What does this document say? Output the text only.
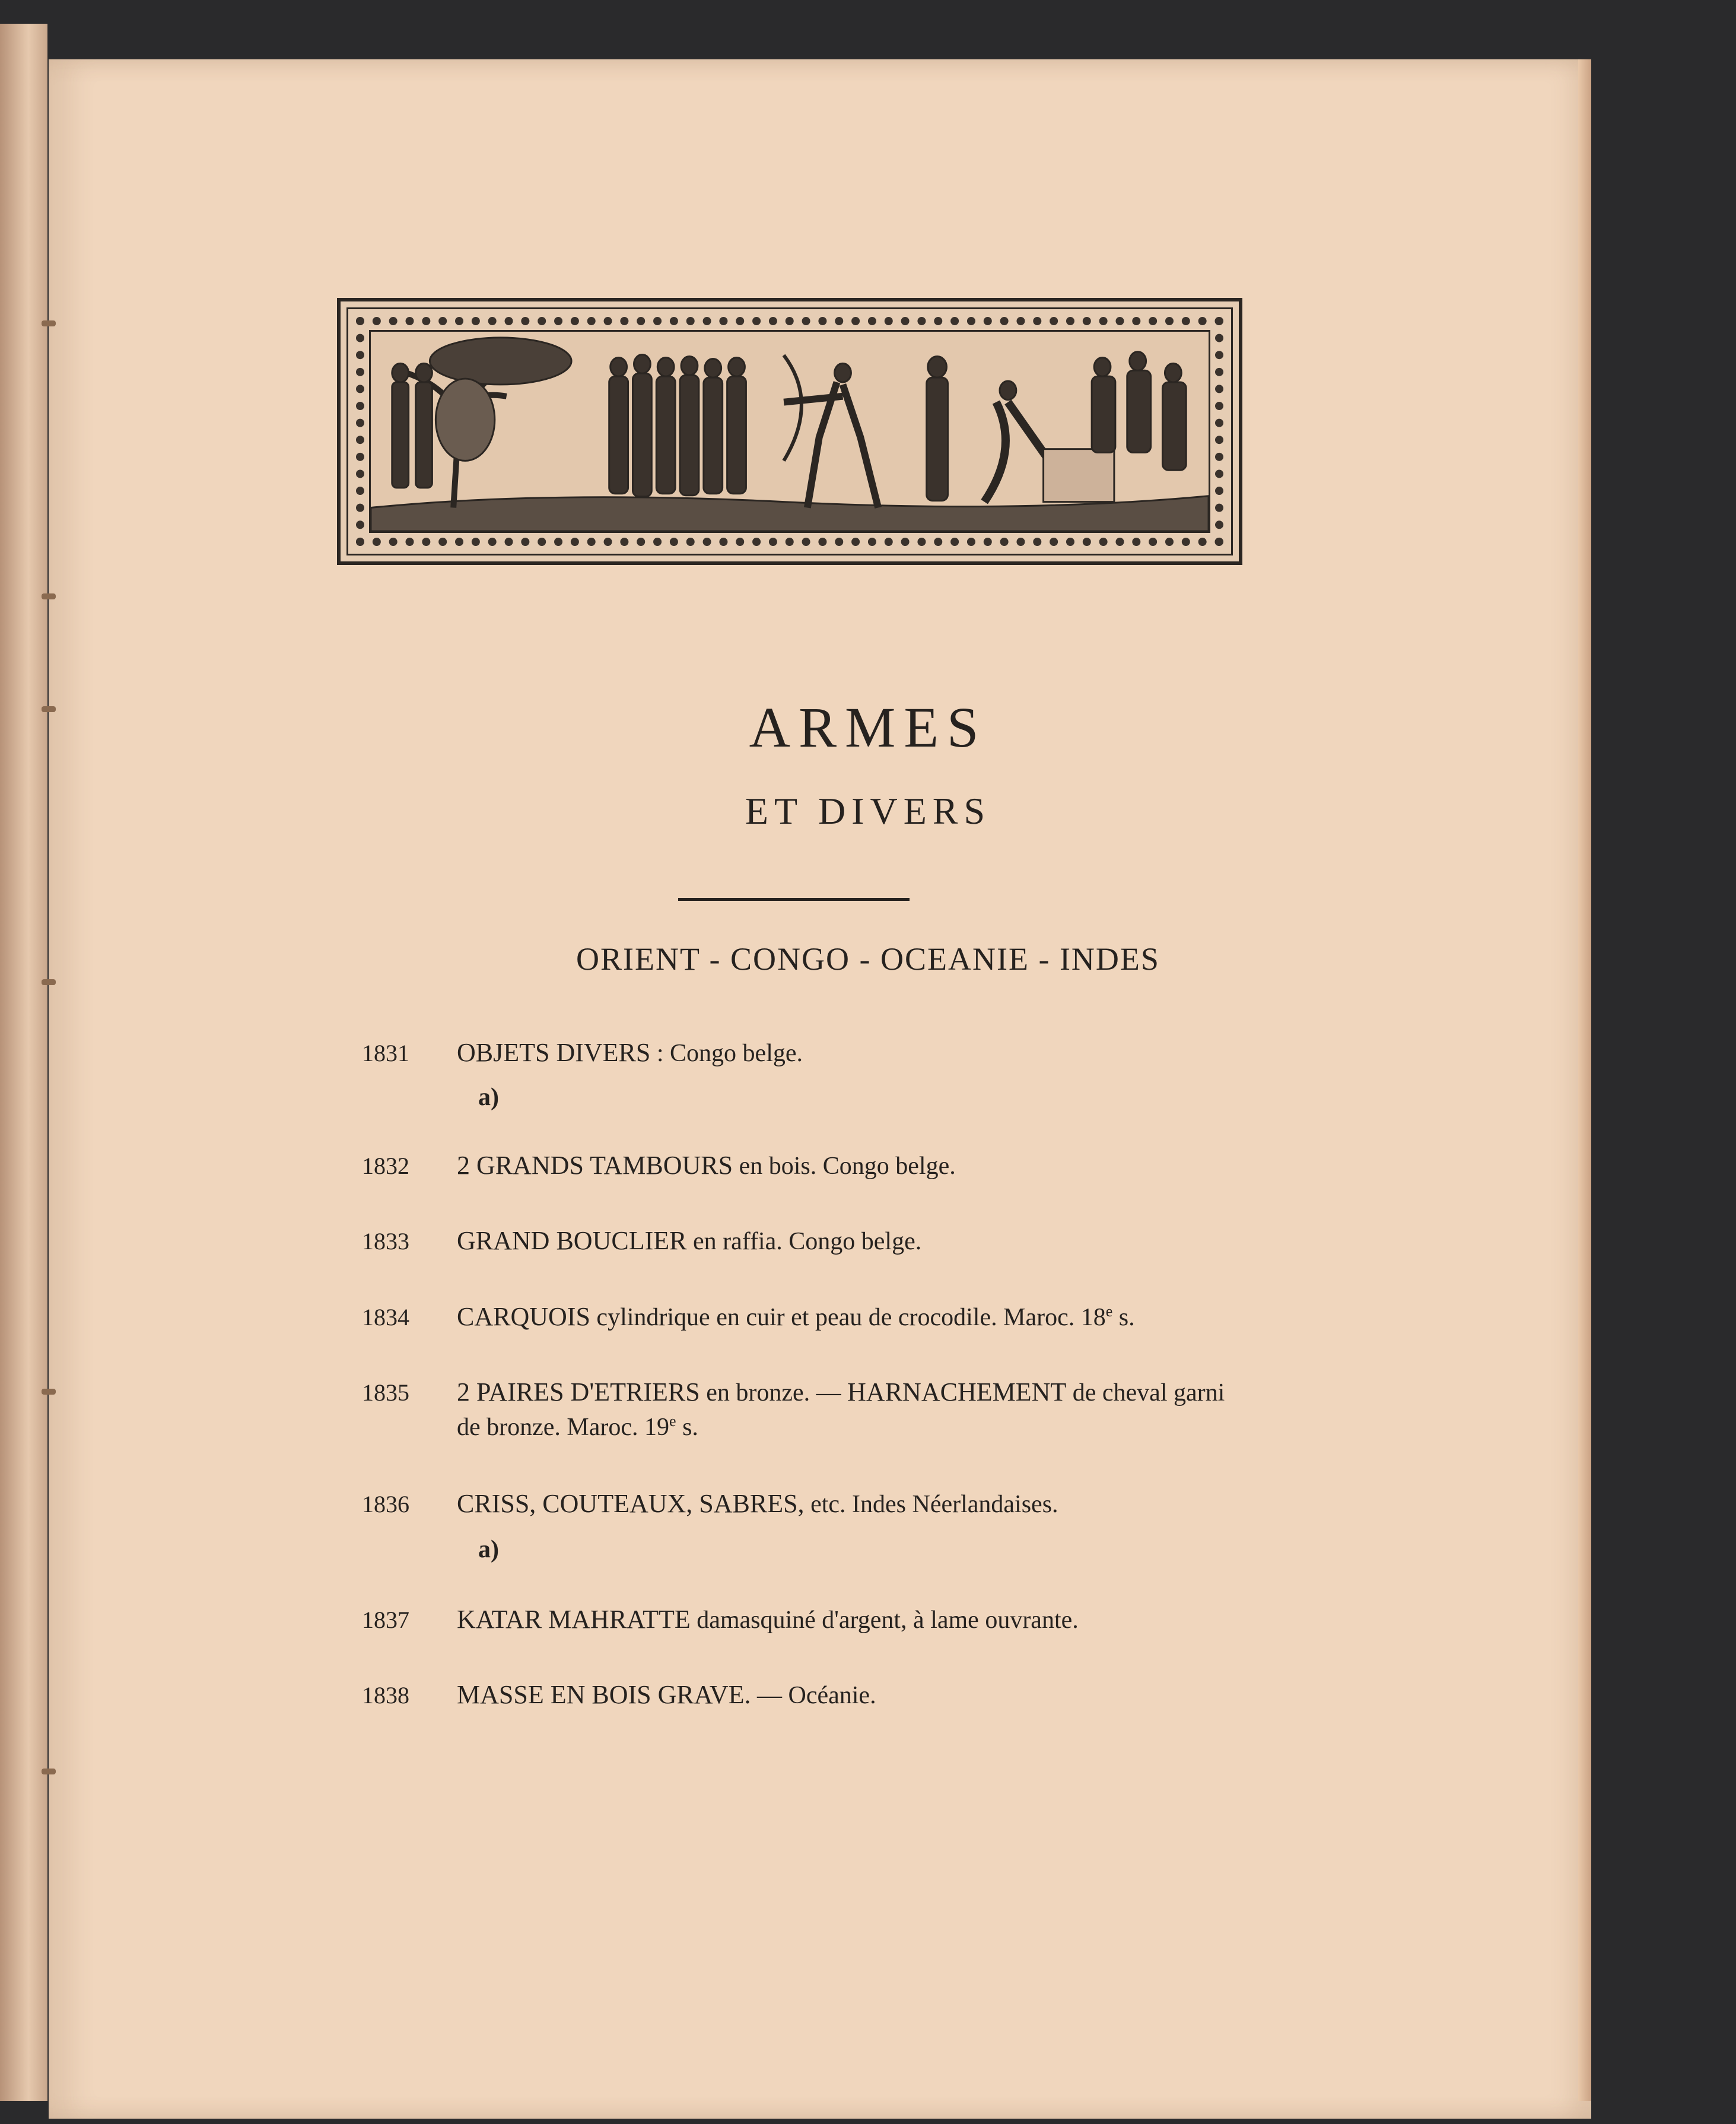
ARMES
ET DIVERS
ORIENT - CONGO - OCEANIE - INDES
1831 OBJETS DIVERS : Congo belge.
a)
1832 2 GRANDS TAMBOURS en bois. Congo belge.
1833 GRAND BOUCLIER en raffia. Congo belge.
1834 CARQUOIS cylindrique en cuir et peau de crocodile. Maroc. 18e s.
1835 2 PAIRES D'ETRIERS en bronze. — HARNACHEMENT de cheval garni de bronze. Maroc. 19e s.
1836 CRISS, COUTEAUX, SABRES, etc. Indes Néerlandaises.
a)
1837 KATAR MAHRATTE damasquiné d'argent, à lame ouvrante.
1838 MASSE EN BOIS GRAVE. — Océanie.
